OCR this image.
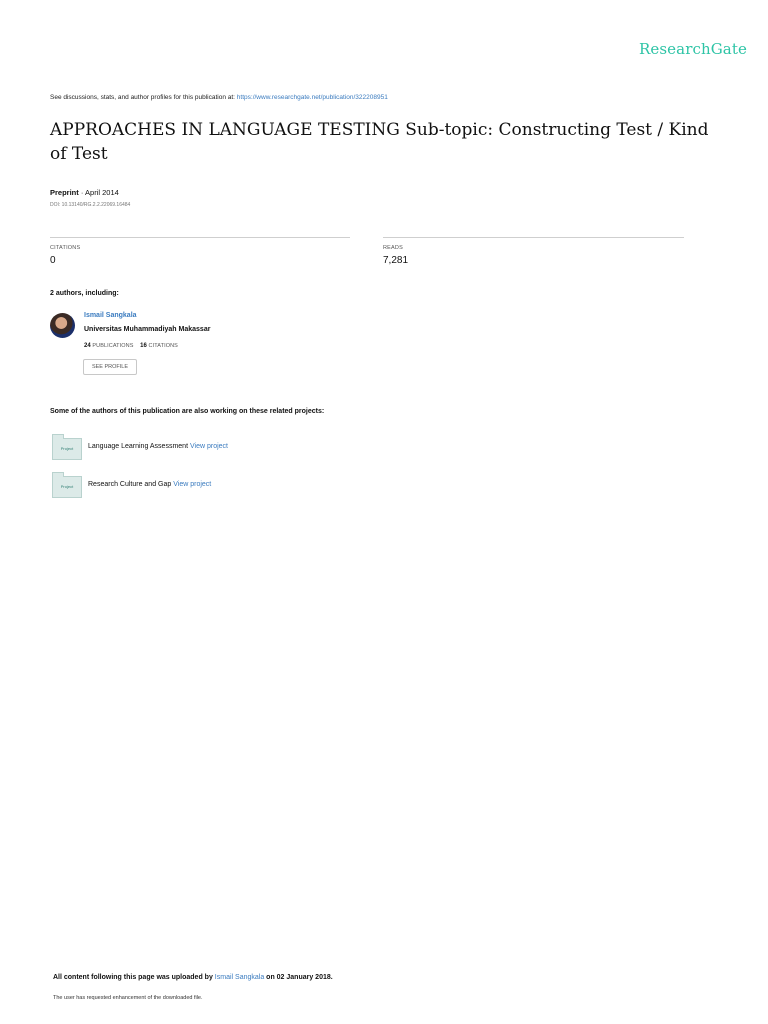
ResearchGate
See discussions, stats, and author profiles for this publication at: https://www.researchgate.net/publication/322208951
APPROACHES IN LANGUAGE TESTING Sub-topic: Constructing Test / Kind of Test
Preprint · April 2014
DOI: 10.13140/RG.2.2.22069.16484
CITATIONS
0
READS
7,281
2 authors, including:
Ismail Sangkala
Universitas Muhammadiyah Makassar
24 PUBLICATIONS 16 CITATIONS
SEE PROFILE
Some of the authors of this publication are also working on these related projects:
Project	Language Learning Assessment View project
Project	Research Culture and Gap View project
All content following this page was uploaded by Ismail Sangkala on 02 January 2018.
The user has requested enhancement of the downloaded file.
